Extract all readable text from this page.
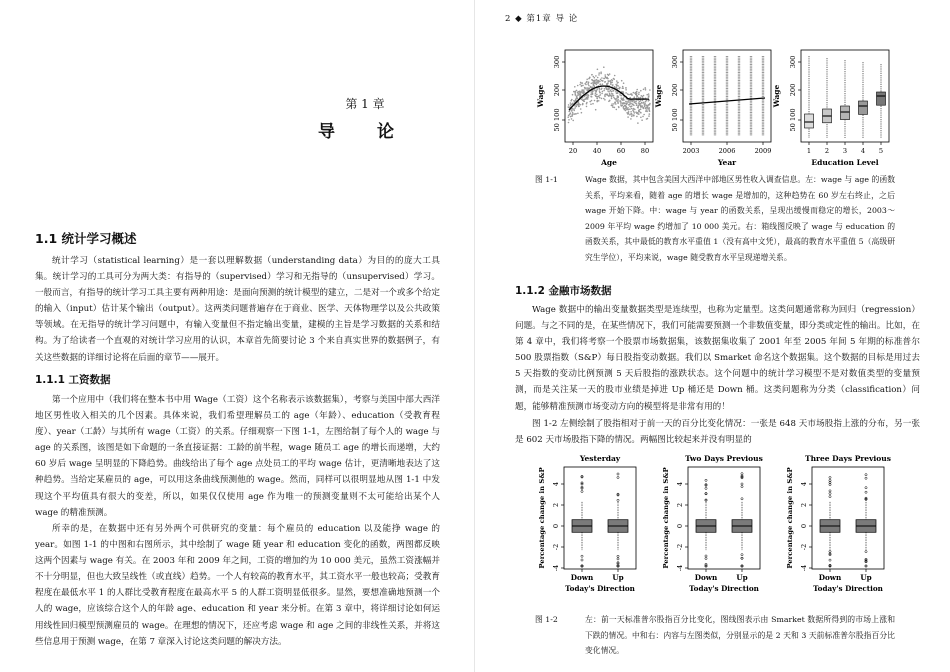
第 1 章
导 论
1.1 统计学习概述
统计学习（statistical learning）是一套以理解数据（understanding data）为目的的庞大工具集。统计学习的工具可分为两大类：有指导的（supervised）学习和无指导的（unsupervised）学习。一般而言，有指导的统计学习工具主要有两种用途：是面向预测的统计模型的建立，二是对一个或多个给定的输入（input）估计某个输出（output）。这两类问题普遍存在于商业、医学、天体物理学以及公共政策等领域。在无指导的统计学习问题中，有输入变量但不指定输出变量，建模的主旨是学习数据的关系和结构。为了给读者一个直观的对统计学习应用的认识，本章首先简要讨论 3 个来自真实世界的数据例子，有关这些数据的详细讨论将在后面的章节——展开。
1.1.1 工资数据
第一个应用中（我们将在整本书中用 Wage（工资）这个名称表示该数据集），考察与美国中部大西洋地区男性收入相关的几个因素。具体来说，我们希望理解员工的 age（年龄）、education（受教育程度）、year（工龄）与其所有 wage（工资）的关系。仔细观察一下图 1-1，左图给制了每个人的 wage 与 age 的关系图，该图是如下命题的一条直接证据：工龄的前半程，wage 随员工 age 的增长而递增，大约 60 岁后 wage 呈明显的下降趋势。曲线给出了每个 age 点处员工的平均 wage 估计，更清晰地表达了这种趋势。当给定某雇员的 age，可以用这条曲线预测他的 wage。然而，同样可以很明显地从图 1-1 中发现这个平均值具有很大的变差，所以，如果仅仅使用 age 作为唯一的预测变量则不太可能给出某个人 wage 的精准预测。
所幸的是，在数据中还有另外两个可供研究的变量：每个雇员的 education 以及能挣 wage 的 year。如图 1-1 的中图和右图所示，其中绘制了 wage 随 year 和 education 变化的函数，两图都反映这两个因素与 wage 有关。在 2003 年和 2009 年之间，工资的增加约为 10 000 美元，虽然工资涨幅并不十分明显，但也大致呈线性（或直线）趋势。一个人有较高的教育水平，其工资水平一般也较高；受教育程度在最低水平 1 的人群比受教育程度在最高水平 5 的人群工资明显低很多。显然，要想准确地预测一个人的 wage，应该综合这个人的年龄 age、education 和 year 来分析。在第 3 章中，将详细讨论如何运用线性回归模型预测雇员的 wage。在理想的情况下，还应考虑 wage 和 age 之间的非线性关系，并将这些信息用于预测 wage，在第 7 章深入讨论这类问题的解决方法。
2 ◆ 第1章 导 论
Wage
50 100
200
300
20 40 60 80
Age
Wage
50 100
200
300
2003	2006	2009
Year
Wage
50 100
200
300
1 2 3 4 5
Education Level
图 1-1	Wage 数据，其中包含美国大西洋中部地区男性收入调查信息。左：wage 与 age 的函数关系，平均来看，随着 age 的增长 wage 是增加的，这种趋势在 60 岁左右终止，之后 wage 开始下降。中：wage 与 year 的函数关系，呈现出缓慢而稳定的增长，2003～2009 年平均 wage 约增加了 10 000 美元。右：箱线图反映了 wage 与 education 的函数关系，其中最低的教育水平重值 1（没有高中文凭），最高的教育水平重值 5（高级研究生学位），平均来说，wage 随受教育水平呈现递增关系。
1.1.2 金融市场数据
Wage 数据中的输出变量数据类型是连续型，也称为定量型。这类问题通常称为回归（regression）问题。与之不同的是，在某些情况下，我们可能需要预测一个非数值变量，即分类或定性的输出。比如，在第 4 章中，我们将考察一个股票市场数据集，该数据集收集了 2001 年至 2005 年间 5 年期的标准普尔 500 股票指数（S&P）每日股指变动数据。我们以 Smarket 命名这个数据集。这个数据的目标是用过去 5 天指数的变动比例预测 5 天后股指的涨跌状态。这个问题中的统计学习模型不是对数值类型的变量预测，而是关注某一天的股市业绩是掉进 Up 桶还是 Down 桶。这类问题称为分类（classification）问题，能够精准预测市场变动方向的模型将是非常有用的！
图 1-2 左侧绘制了股指相对于前一天的百分比变化情况：一张是 648 天市场股指上涨的分布，另一张是 602 天市场股指下降的情况。两幅图比较起来并没有明显的
Yesterday
Percentage change in S&P -4
-2
0
2
4
Down	Up
Today's Direction
Two Days Previous
Percentage change in S&P -4
-2
0
2
4
Down	Up
Today's Direction
Three Days Previous
Percentage change in S&P -4
-2
0
2
4
Down	Up
Today's Direction
图 1-2	左：前一天标准普尔股指百分比变化，图线图表示由 Smarket 数据所得到的市场上涨和下跌的情况。中和右：内容与左图类似，分别显示的是 2 天和 3 天前标准普尔股指百分比变化情况。
